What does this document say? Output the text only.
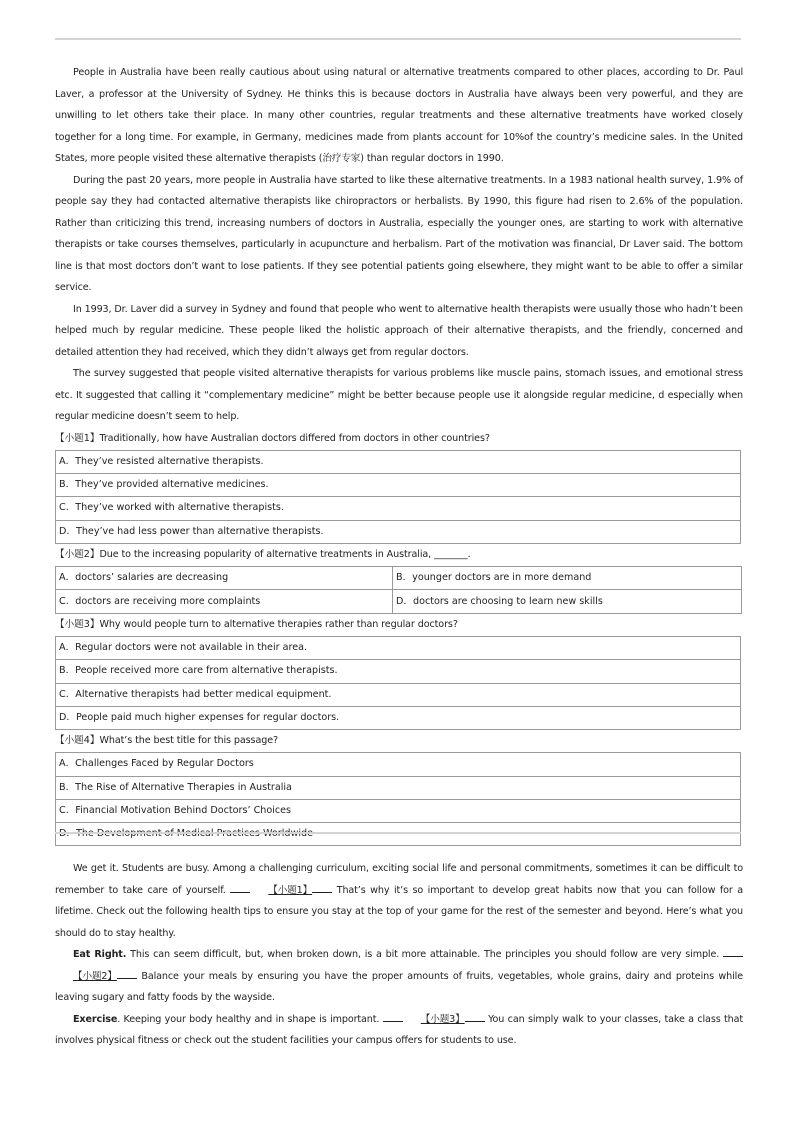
People in Australia have been really cautious about using natural or alternative treatments compared to other places, according to Dr. Paul Laver, a professor at the University of Sydney. He thinks this is because doctors in Australia have always been very powerful, and they are unwilling to let others take their place. In many other countries, regular treatments and these alternative treatments have worked closely together for a long time. For example, in Germany, medicines made from plants account for 10%of the country’s medicine sales. In the United States, more people visited these alternative therapists (治疗专家) than regular doctors in 1990.

During the past 20 years, more people in Australia have started to like these alternative treatments. In a 1983 national health survey, 1.9% of people say they had contacted alternative therapists like chiropractors or herbalists. By 1990, this figure had risen to 2.6% of the population. Rather than criticizing this trend, increasing numbers of doctors in Australia, especially the younger ones, are starting to work with alternative therapists or take courses themselves, particularly in acupuncture and herbalism. Part of the motivation was financial, Dr Laver said. The bottom line is that most doctors don’t want to lose patients. If they see potential patients going elsewhere, they might want to be able to offer a similar service.

In 1993, Dr. Laver did a survey in Sydney and found that people who went to alternative health therapists were usually those who hadn’t been helped much by regular medicine. These people liked the holistic approach of their alternative therapists, and the friendly, concerned and detailed attention they had received, which they didn’t always get from regular doctors.

The survey suggested that people visited alternative therapists for various problems like muscle pains, stomach issues, and emotional stress etc. It suggested that calling it “complementary medicine” might be better because people use it alongside regular medicine, d especially when regular medicine doesn’t seem to help.

【小题1】Traditionally, how have Australian doctors differed from doctors in other countries?
A．They’ve resisted alternative therapists.
B．They’ve provided alternative medicines.
C．They’ve worked with alternative therapists.
D．They’ve had less power than alternative therapists.
【小题2】Due to the increasing popularity of alternative treatments in Australia, _______.
A．doctors’ salaries are decreasing	B．younger doctors are in more demand
C．doctors are receiving more complaints	D．doctors are choosing to learn new skills
【小题3】Why would people turn to alternative therapies rather than regular doctors?
A．Regular doctors were not available in their area.
B．People received more care from alternative therapists.
C．Alternative therapists had better medical equipment.
D．People paid much higher expenses for regular doctors.
【小题4】What’s the best title for this passage?
A．Challenges Faced by Regular Doctors
B．The Rise of Alternative Therapies in Australia
C．Financial Motivation Behind Doctors’ Choices
D．The Development of Medical Practices Worldwide

We get it. Students are busy. Among a challenging curriculum, exciting social life and personal commitments, sometimes it can be difficult to remember to take care of yourself.	【小题1】 That’s why it’s so important to develop great habits now that you can follow for a lifetime. Check out the following health tips to ensure you stay at the top of your game for the rest of the semester and beyond. Here’s what you should do to stay healthy.

Eat Right. This can seem difficult, but, when broken down, is a bit more attainable. The principles you should follow are very simple. 【小题2】 Balance your meals by ensuring you have the proper amounts of fruits, vegetables, whole grains, dairy and proteins while leaving sugary and fatty foods by the wayside.

Exercise. Keeping your body healthy and in shape is important.	【小题3】 You can simply walk to your classes, take a class that involves physical fitness or check out the student facilities your campus offers for students to use.
